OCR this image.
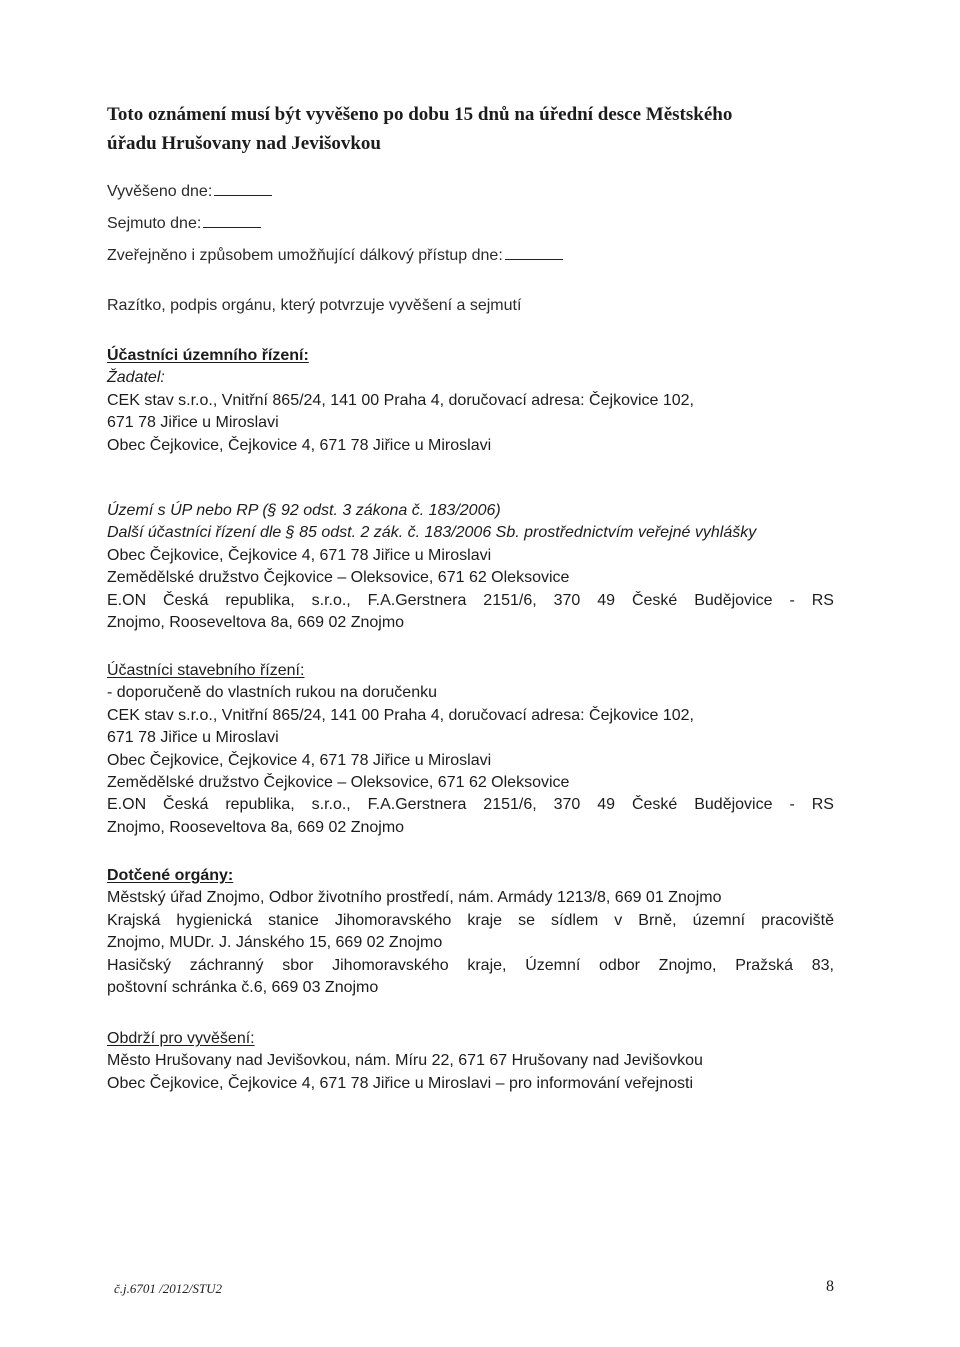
Toto oznámení musí být vyvěšeno po dobu 15 dnů na úřední desce Městského
úřadu Hrušovany nad Jevišovkou
Vyvěšeno dne:
Sejmuto dne:
Zveřejněno i způsobem umožňující dálkový přístup dne:
Razítko, podpis orgánu, který potvrzuje vyvěšení a sejmutí
Účastníci územního řízení:
Žadatel:
CEK stav s.r.o., Vnitřní 865/24, 141 00 Praha 4, doručovací adresa: Čejkovice 102,
671 78 Jiřice u Miroslavi
Obec Čejkovice, Čejkovice 4, 671 78 Jiřice u Miroslavi
Území s ÚP nebo RP (§ 92 odst. 3 zákona č. 183/2006)
Další účastníci řízení dle § 85 odst. 2 zák. č. 183/2006 Sb. prostřednictvím veřejné vyhlášky
Obec Čejkovice, Čejkovice 4, 671 78 Jiřice u Miroslavi
Zemědělské družstvo Čejkovice – Oleksovice, 671 62 Oleksovice
E.ON Česká republika, s.r.o., F.A.Gerstnera 2151/6, 370 49 České Budějovice - RS
Znojmo, Rooseveltova 8a, 669 02 Znojmo
Účastníci stavebního řízení:
- doporučeně do vlastních rukou na doručenku
CEK stav s.r.o., Vnitřní 865/24, 141 00 Praha 4, doručovací adresa: Čejkovice 102,
671 78 Jiřice u Miroslavi
Obec Čejkovice, Čejkovice 4, 671 78 Jiřice u Miroslavi
Zemědělské družstvo Čejkovice – Oleksovice, 671 62 Oleksovice
E.ON Česká republika, s.r.o., F.A.Gerstnera 2151/6, 370 49 České Budějovice - RS
Znojmo, Rooseveltova 8a, 669 02 Znojmo
Dotčené orgány:
Městský úřad Znojmo, Odbor životního prostředí, nám. Armády 1213/8, 669 01 Znojmo
Krajská hygienická stanice Jihomoravského kraje se sídlem v Brně, územní pracoviště
Znojmo, MUDr. J. Jánského 15, 669 02 Znojmo
Hasičský záchranný sbor Jihomoravského kraje, Územní odbor Znojmo, Pražská 83,
poštovní schránka č.6, 669 03 Znojmo
Obdrží pro vyvěšení:
Město Hrušovany nad Jevišovkou, nám. Míru 22, 671 67 Hrušovany nad Jevišovkou
Obec Čejkovice, Čejkovice 4, 671 78 Jiřice u Miroslavi – pro informování veřejnosti
č.j.6701 /2012/STU2	8
